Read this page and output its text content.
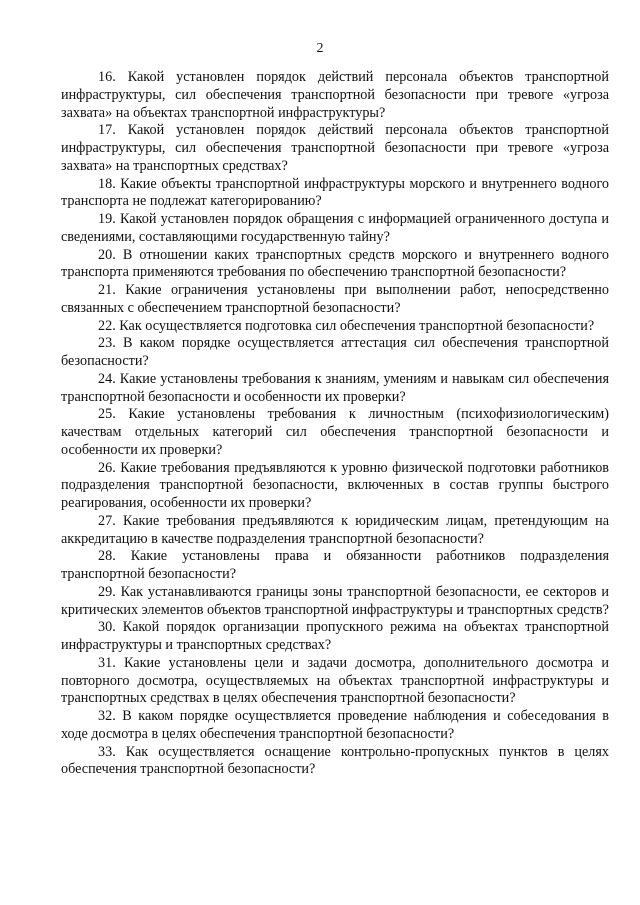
2

16. Какой установлен порядок действий персонала объектов транспортной инфраструктуры, сил обеспечения транспортной безопасности при тревоге «угроза захвата» на объектах транспортной инфраструктуры?

17. Какой установлен порядок действий персонала объектов транспортной инфраструктуры, сил обеспечения транспортной безопасности при тревоге «угроза захвата» на транспортных средствах?

18. Какие объекты транспортной инфраструктуры морского и внутреннего водного транспорта не подлежат категорированию?

19. Какой установлен порядок обращения с информацией ограниченного доступа и сведениями, составляющими государственную тайну?

20. В отношении каких транспортных средств морского и внутреннего водного транспорта применяются требования по обеспечению транспортной безопасности?

21. Какие ограничения установлены при выполнении работ, непосредственно связанных с обеспечением транспортной безопасности?

22. Как осуществляется подготовка сил обеспечения транспортной безопасности?

23. В каком порядке осуществляется аттестация сил обеспечения транспортной безопасности?

24. Какие установлены требования к знаниям, умениям и навыкам сил обеспечения транспортной безопасности и особенности их проверки?

25. Какие установлены требования к личностным (психофизиологическим) качествам отдельных категорий сил обеспечения транспортной безопасности и особенности их проверки?

26. Какие требования предъявляются к уровню физической подготовки работников подразделения транспортной безопасности, включенных в состав группы быстрого реагирования, особенности их проверки?

27. Какие требования предъявляются к юридическим лицам, претендующим на аккредитацию в качестве подразделения транспортной безопасности?

28. Какие установлены права и обязанности работников подразделения транспортной безопасности?

29. Как устанавливаются границы зоны транспортной безопасности, ее секторов и критических элементов объектов транспортной инфраструктуры и транспортных средств?

30. Какой порядок организации пропускного режима на объектах транспортной инфраструктуры и транспортных средствах?

31. Какие установлены цели и задачи досмотра, дополнительного досмотра и повторного досмотра, осуществляемых на объектах транспортной инфраструктуры и транспортных средствах в целях обеспечения транспортной безопасности?

32. В каком порядке осуществляется проведение наблюдения и собеседования в ходе досмотра в целях обеспечения транспортной безопасности?

33. Как осуществляется оснащение контрольно-пропускных пунктов в целях обеспечения транспортной безопасности?
